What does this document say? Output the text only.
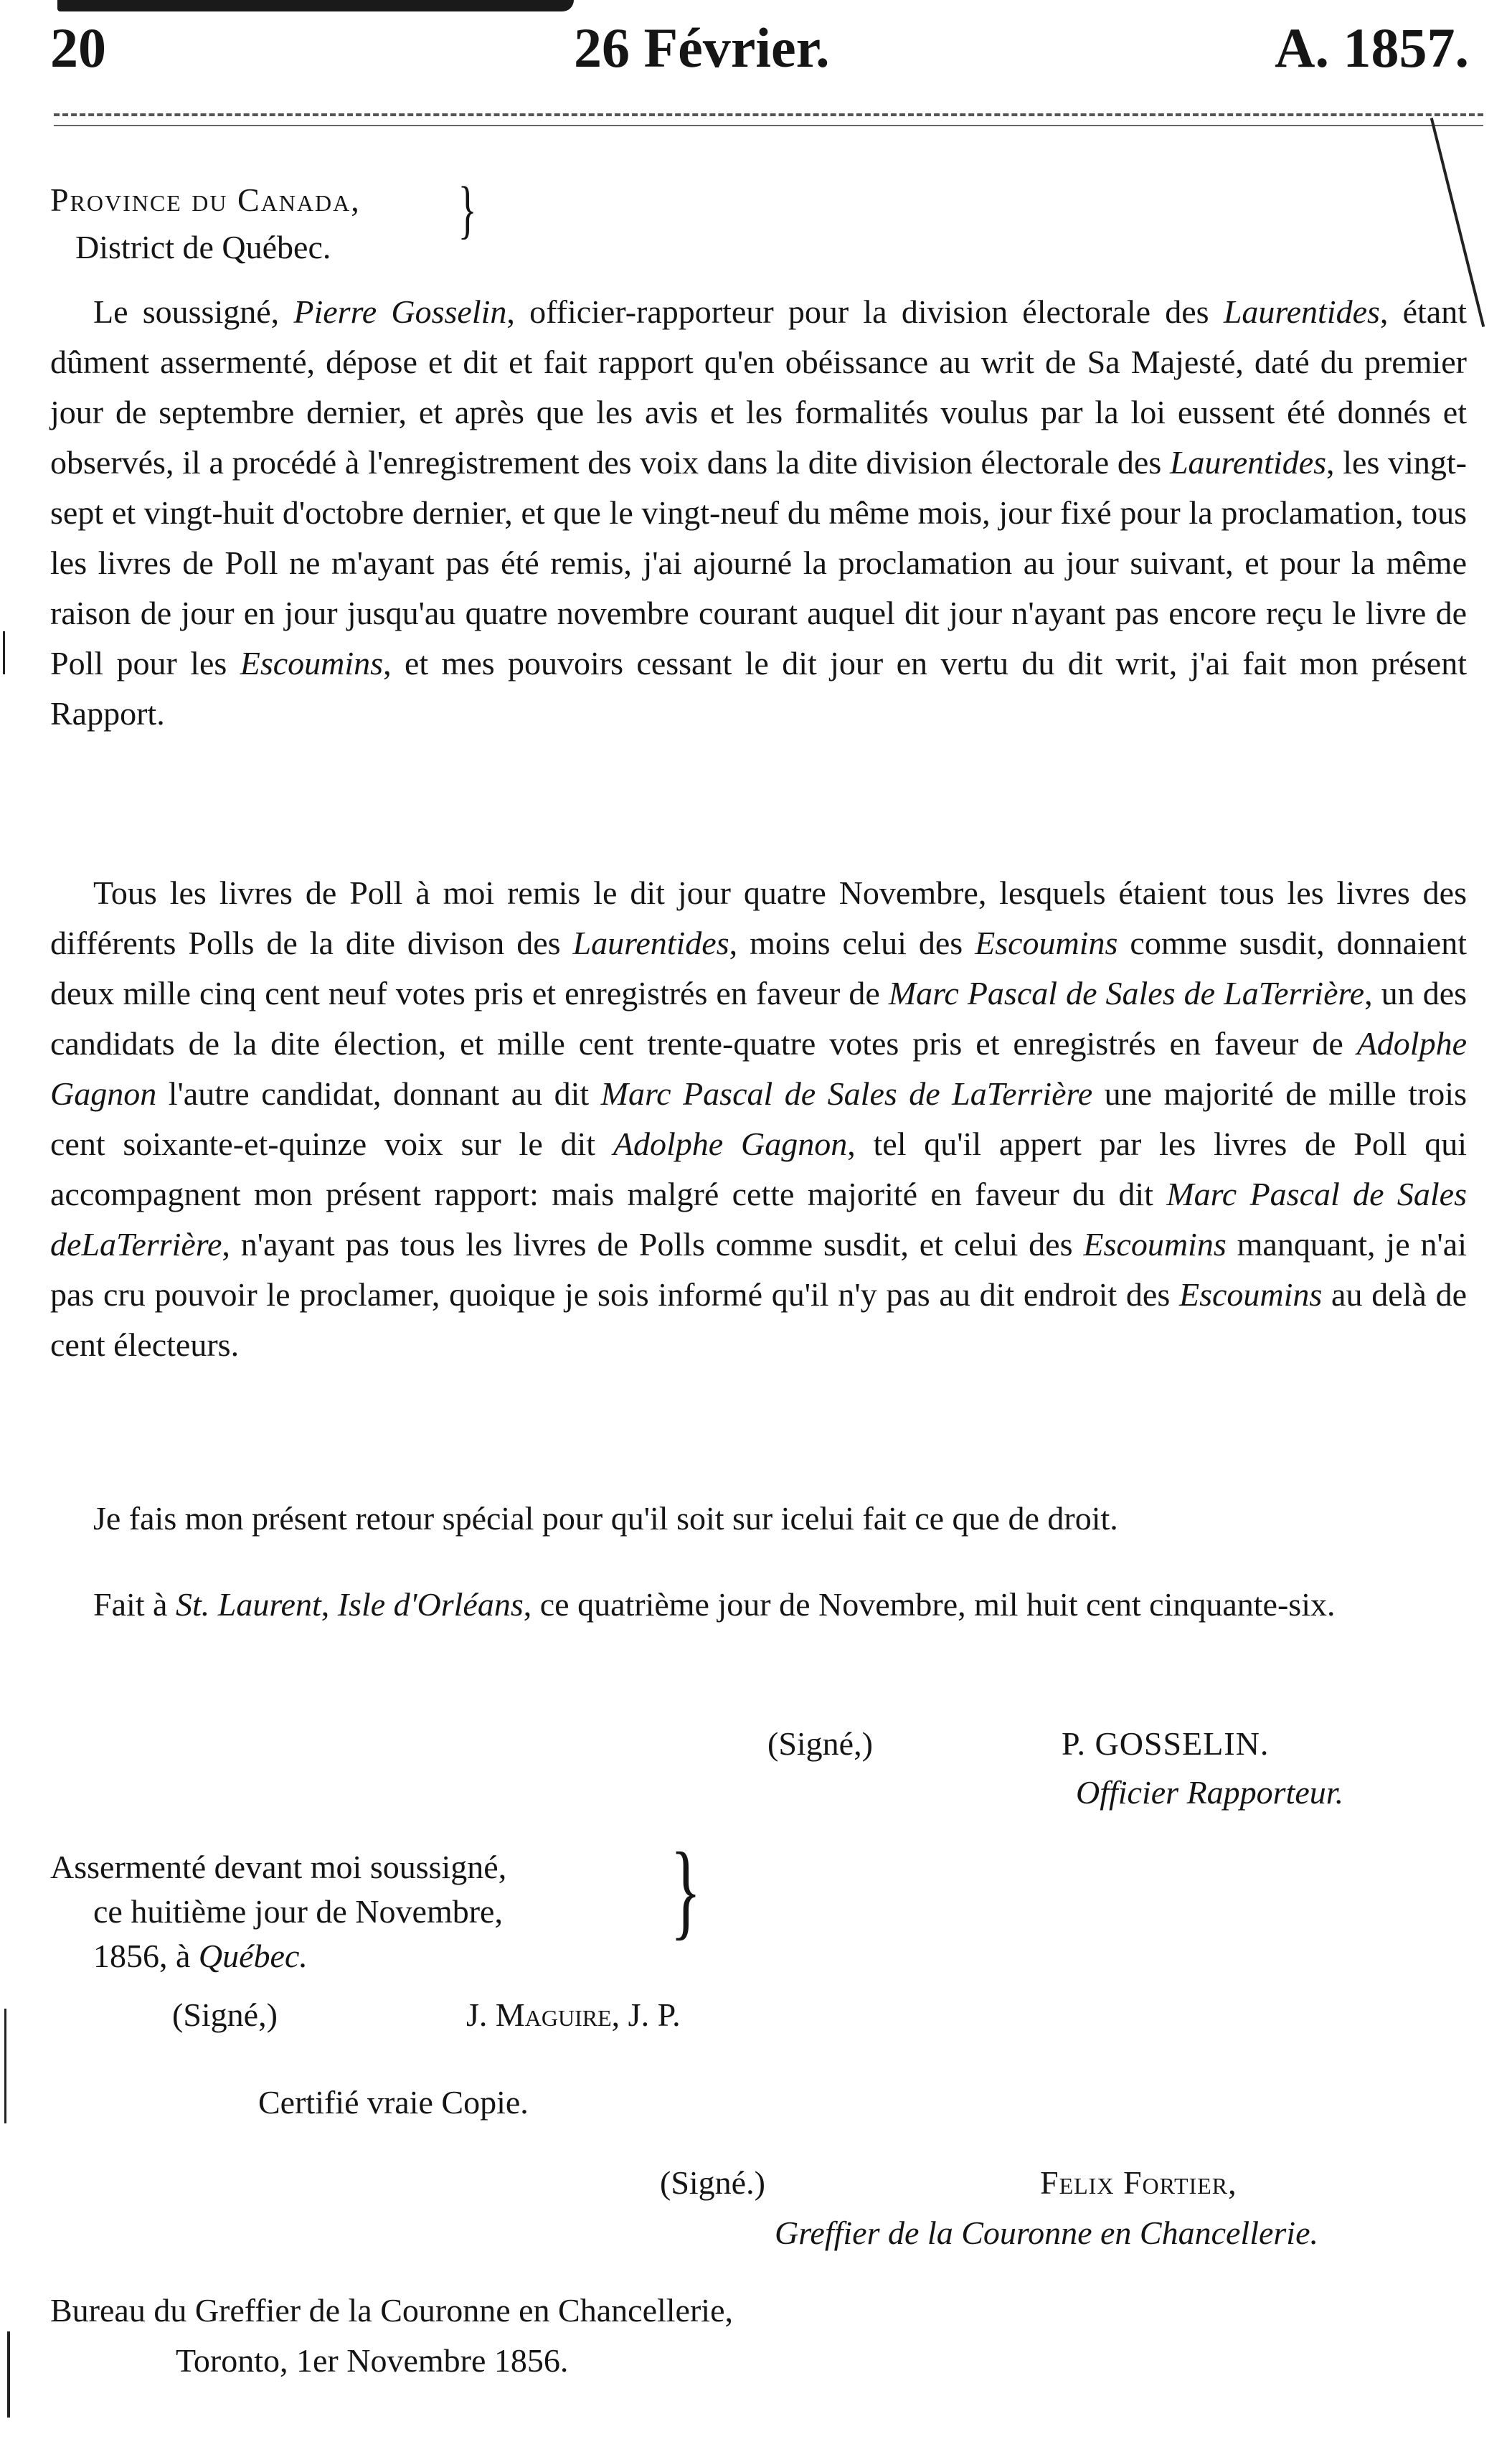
20	26 Février.	A. 1857.
Province du Canada,
District de Québec.
}

Le soussigné, Pierre Gosselin, officier-rapporteur pour la division électorale des Laurentides, étant dûment assermenté, dépose et dit et fait rapport qu'en obéissance au writ de Sa Majesté, daté du premier jour de septembre dernier, et après que les avis et les formalités voulus par la loi eussent été donnés et observés, il a procédé à l'enregistrement des voix dans la dite division électorale des Laurentides, les vingt-sept et vingt-huit d'octobre dernier, et que le vingt-neuf du même mois, jour fixé pour la proclamation, tous les livres de Poll ne m'ayant pas été remis, j'ai ajourné la proclamation au jour suivant, et pour la même raison de jour en jour jusqu'au quatre novembre courant auquel dit jour n'ayant pas encore reçu le livre de Poll pour les Escoumins, et mes pouvoirs cessant le dit jour en vertu du dit writ, j'ai fait mon présent Rapport.

Tous les livres de Poll à moi remis le dit jour quatre Novembre, lesquels étaient tous les livres des différents Polls de la dite divison des Laurentides, moins celui des Escoumins comme susdit, donnaient deux mille cinq cent neuf votes pris et enregistrés en faveur de Marc Pascal de Sales de LaTerrière, un des candidats de la dite élection, et mille cent trente-quatre votes pris et enregistrés en faveur de Adolphe Gagnon l'autre candidat, donnant au dit Marc Pascal de Sales de LaTerrière une majorité de mille trois cent soixante-et-quinze voix sur le dit Adolphe Gagnon, tel qu'il appert par les livres de Poll qui accompagnent mon présent rapport: mais malgré cette majorité en faveur du dit Marc Pascal de Sales deLaTerrière, n'ayant pas tous les livres de Polls comme susdit, et celui des Escoumins manquant, je n'ai pas cru pouvoir le proclamer, quoique je sois informé qu'il n'y pas au dit endroit des Escoumins au delà de cent électeurs.

Je fais mon présent retour spécial pour qu'il soit sur icelui fait ce que de droit.

Fait à St. Laurent, Isle d'Orléans, ce quatrième jour de Novembre, mil huit cent cinquante-six.

(Signé,)	P. GOSSELIN.
Officier Rapporteur.
Assermenté devant moi soussigné,
ce huitième jour de Novembre,
1856, à Québec.
}
(Signé,)	J. Maguire, J. P.
Certifié vraie Copie.
(Signé.)	Felix Fortier,
Greffier de la Couronne en Chancellerie.
Bureau du Greffier de la Couronne en Chancellerie,
Toronto, 1er Novembre 1856.
